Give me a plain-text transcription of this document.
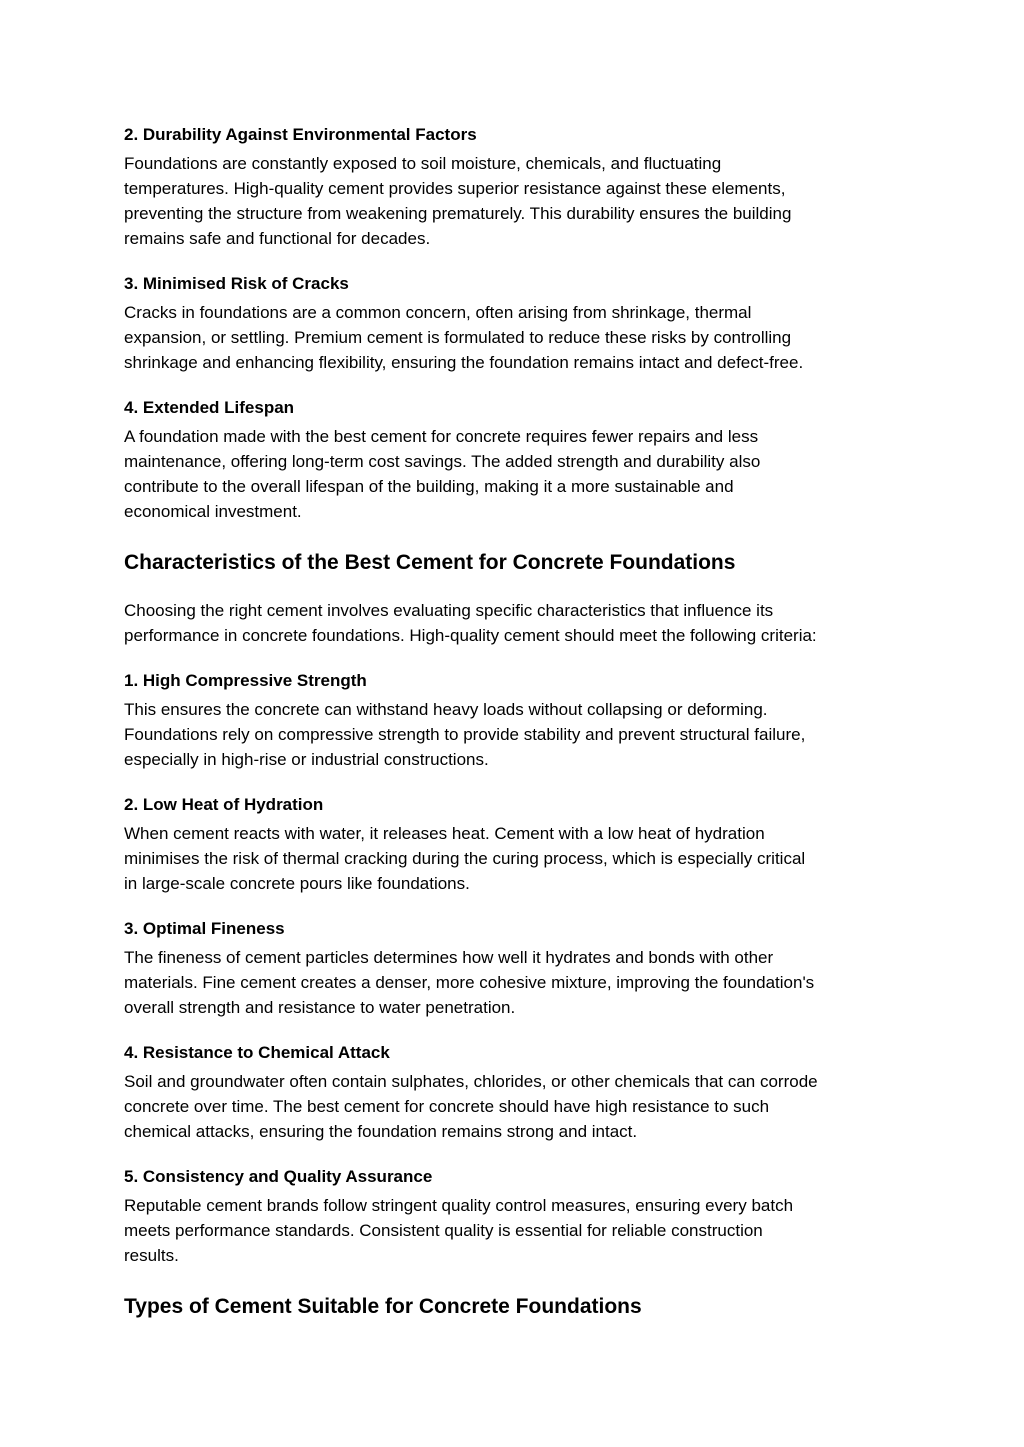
2. Durability Against Environmental Factors

Foundations are constantly exposed to soil moisture, chemicals, and fluctuating
temperatures. High-quality cement provides superior resistance against these elements,
preventing the structure from weakening prematurely. This durability ensures the building
remains safe and functional for decades.

3. Minimised Risk of Cracks

Cracks in foundations are a common concern, often arising from shrinkage, thermal
expansion, or settling. Premium cement is formulated to reduce these risks by controlling
shrinkage and enhancing flexibility, ensuring the foundation remains intact and defect-free.

4. Extended Lifespan

A foundation made with the best cement for concrete requires fewer repairs and less
maintenance, offering long-term cost savings. The added strength and durability also
contribute to the overall lifespan of the building, making it a more sustainable and
economical investment.

Characteristics of the Best Cement for Concrete Foundations

Choosing the right cement involves evaluating specific characteristics that influence its
performance in concrete foundations. High-quality cement should meet the following criteria:

1. High Compressive Strength

This ensures the concrete can withstand heavy loads without collapsing or deforming.
Foundations rely on compressive strength to provide stability and prevent structural failure,
especially in high-rise or industrial constructions.

2. Low Heat of Hydration

When cement reacts with water, it releases heat. Cement with a low heat of hydration
minimises the risk of thermal cracking during the curing process, which is especially critical
in large-scale concrete pours like foundations.

3. Optimal Fineness

The fineness of cement particles determines how well it hydrates and bonds with other
materials. Fine cement creates a denser, more cohesive mixture, improving the foundation's
overall strength and resistance to water penetration.

4. Resistance to Chemical Attack

Soil and groundwater often contain sulphates, chlorides, or other chemicals that can corrode
concrete over time. The best cement for concrete should have high resistance to such
chemical attacks, ensuring the foundation remains strong and intact.

5. Consistency and Quality Assurance

Reputable cement brands follow stringent quality control measures, ensuring every batch
meets performance standards. Consistent quality is essential for reliable construction
results.

Types of Cement Suitable for Concrete Foundations
